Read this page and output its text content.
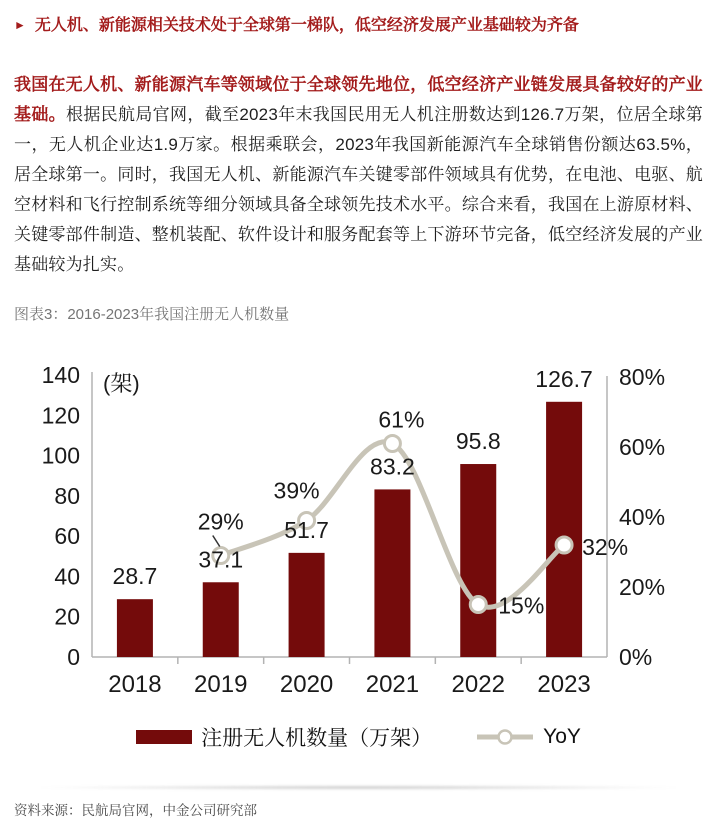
► 无人机、新能源相关技术处于全球第一梯队，低空经济发展产业基础较为齐备
我国在无人机、新能源汽车等领域位于全球领先地位，低空经济产业链发展具备较好的产业基础。根据民航局官网，截至2023年末我国民用无人机注册数达到126.7万架，位居全球第一，无人机企业达1.9万家。根据乘联会，2023年我国新能源汽车全球销售份额达63.5%，居全球第一。同时，我国无人机、新能源汽车关键零部件领域具有优势，在电池、电驱、航空材料和飞行控制系统等细分领域具备全球领先技术水平。综合来看，我国在上游原材料、关键零部件制造、整机装配、软件设计和服务配套等上下游环节完备，低空经济发展的产业基础较为扎实。
图表3：2016-2023年我国注册无人机数量
28.7
37.1
51.7
83.2
95.8
126.7
29%
39%
61%
15%
32%
0
20
40
60
80
100
120
140
0%
20%
40%
60%
80%
2018 2019 2020 2021 2022 2023
(架)
注册无人机数量（万架）	YoY
资料来源：民航局官网，中金公司研究部
